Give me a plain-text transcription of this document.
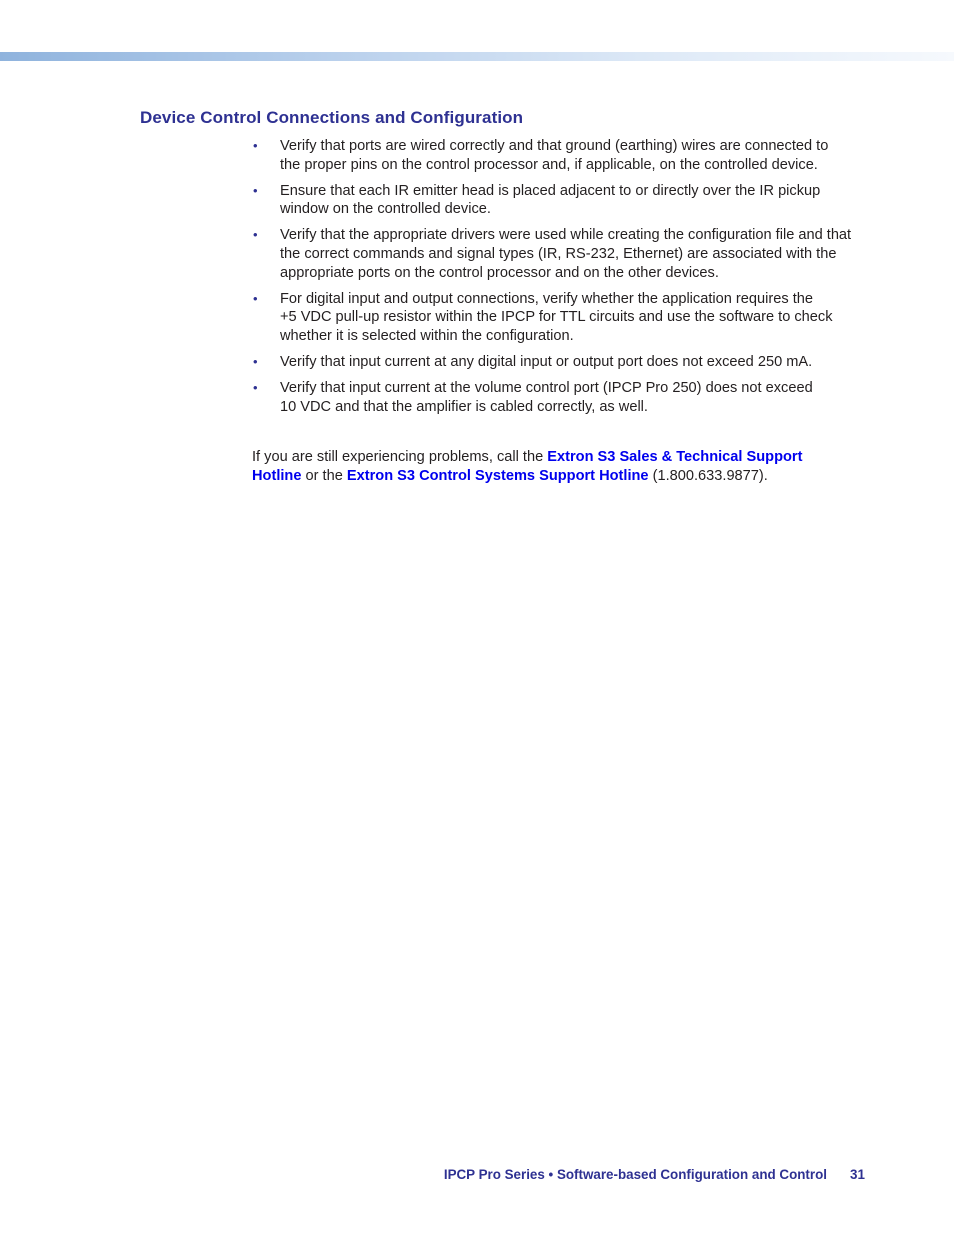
Device Control Connections and Configuration
• Verify that ports are wired correctly and that ground (earthing) wires are connected to
the proper pins on the control processor and, if applicable, on the controlled device.
• Ensure that each IR emitter head is placed adjacent to or directly over the IR pickup
window on the controlled device.
• Verify that the appropriate drivers were used while creating the configuration file and that
the correct commands and signal types (IR, RS-232, Ethernet) are associated with the
appropriate ports on the control processor and on the other devices.
• For digital input and output connections, verify whether the application requires the
+5 VDC pull-up resistor within the IPCP for TTL circuits and use the software to check
whether it is selected within the configuration.
• Verify that input current at any digital input or output port does not exceed 250 mA.
• Verify that input current at the volume control port (IPCP Pro 250) does not exceed
10 VDC and that the amplifier is cabled correctly, as well.

If you are still experiencing problems, call the Extron S3 Sales & Technical Support
Hotline or the Extron S3 Control Systems Support Hotline (1.800.633.9877).

IPCP Pro Series • Software-based Configuration and Control 31
